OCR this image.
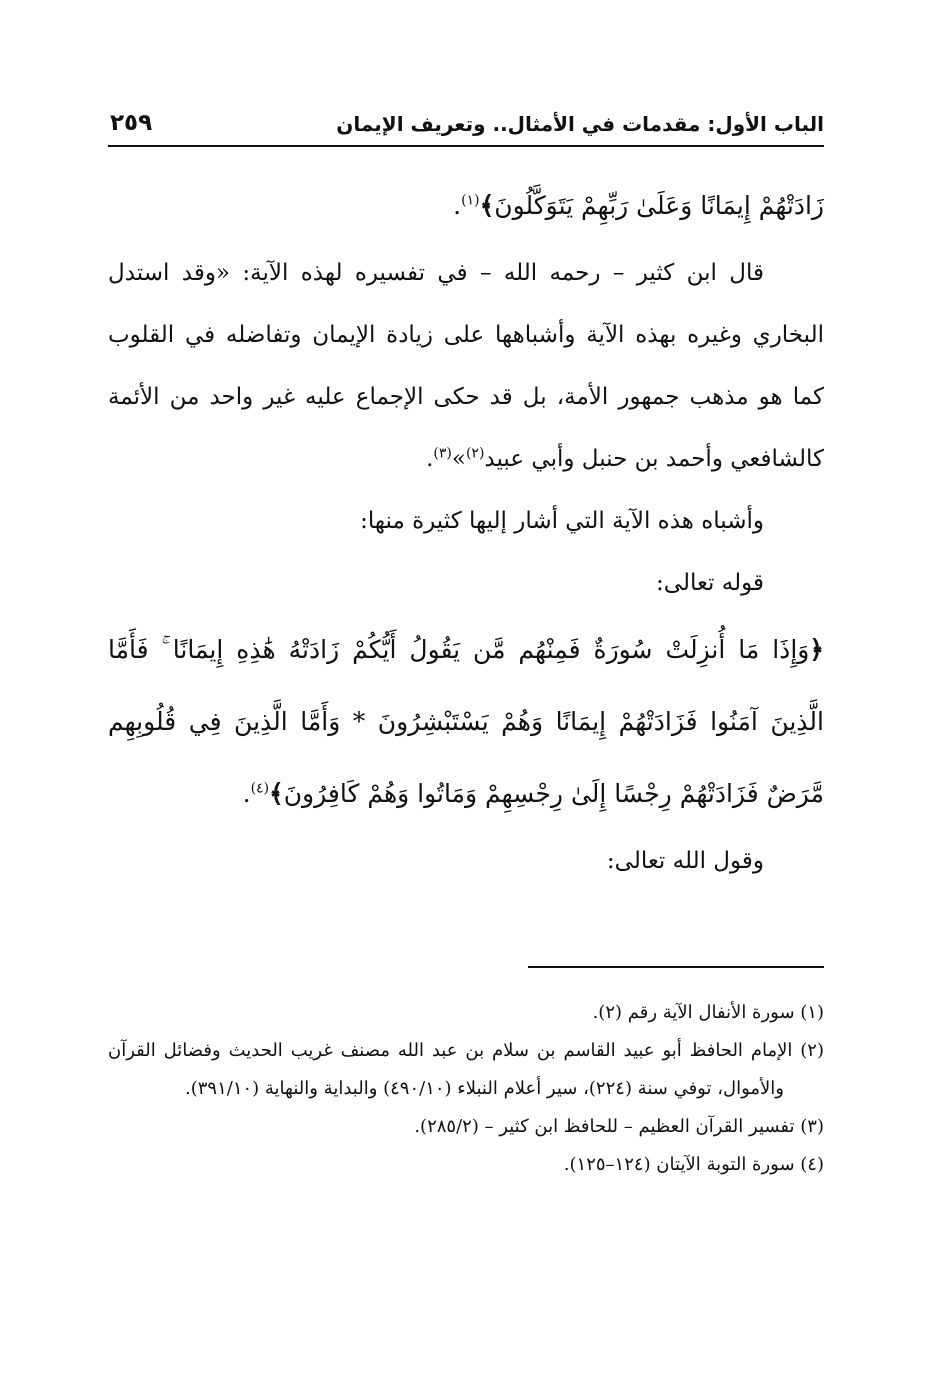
الباب الأول: مقدمات في الأمثال.. وتعريف الإيمان
٢٥٩

زَادَتْهُمْ إِيمَانًا وَعَلَىٰ رَبِّهِمْ يَتَوَكَّلُونَ﴾$^{(١)}$.

قال ابن كثير – رحمه الله – في تفسيره لهذه الآية: «وقد استدل البخاري وغيره بهذه الآية وأشباهها على زيادة الإيمان وتفاضله في القلوب كما هو مذهب جمهور الأمة، بل قد حكى الإجماع عليه غير واحد من الأئمة كالشافعي وأحمد بن حنبل وأبي عبيد$^{(٢)}$»$^{(٣)}$.

وأشباه هذه الآية التي أشار إليها كثيرة منها:

قوله تعالى:

﴿وَإِذَا مَا أُنزِلَتْ سُورَةٌ فَمِنْهُم مَّن يَقُولُ أَيُّكُمْ زَادَتْهُ هَٰذِهِ إِيمَانًا ۚ فَأَمَّا الَّذِينَ آمَنُوا فَزَادَتْهُمْ إِيمَانًا وَهُمْ يَسْتَبْشِرُونَ * وَأَمَّا الَّذِينَ فِي قُلُوبِهِم مَّرَضٌ فَزَادَتْهُمْ رِجْسًا إِلَىٰ رِجْسِهِمْ وَمَاتُوا وَهُمْ كَافِرُونَ﴾$^{(٤)}$.

وقول الله تعالى:

(١) سورة الأنفال الآية رقم (٢).

(٢) الإمام الحافظ أبو عبيد القاسم بن سلام بن عبد الله مصنف غريب الحديث وفضائل القرآن والأموال، توفي سنة (٢٢٤)، سير أعلام النبلاء (٤٩٠/١٠) والبداية والنهاية (٣٩١/١٠).

(٣) تفسير القرآن العظيم – للحافظ ابن كثير – (٢٨٥/٢).

(٤) سورة التوبة الآيتان (١٢٤–١٢٥).
